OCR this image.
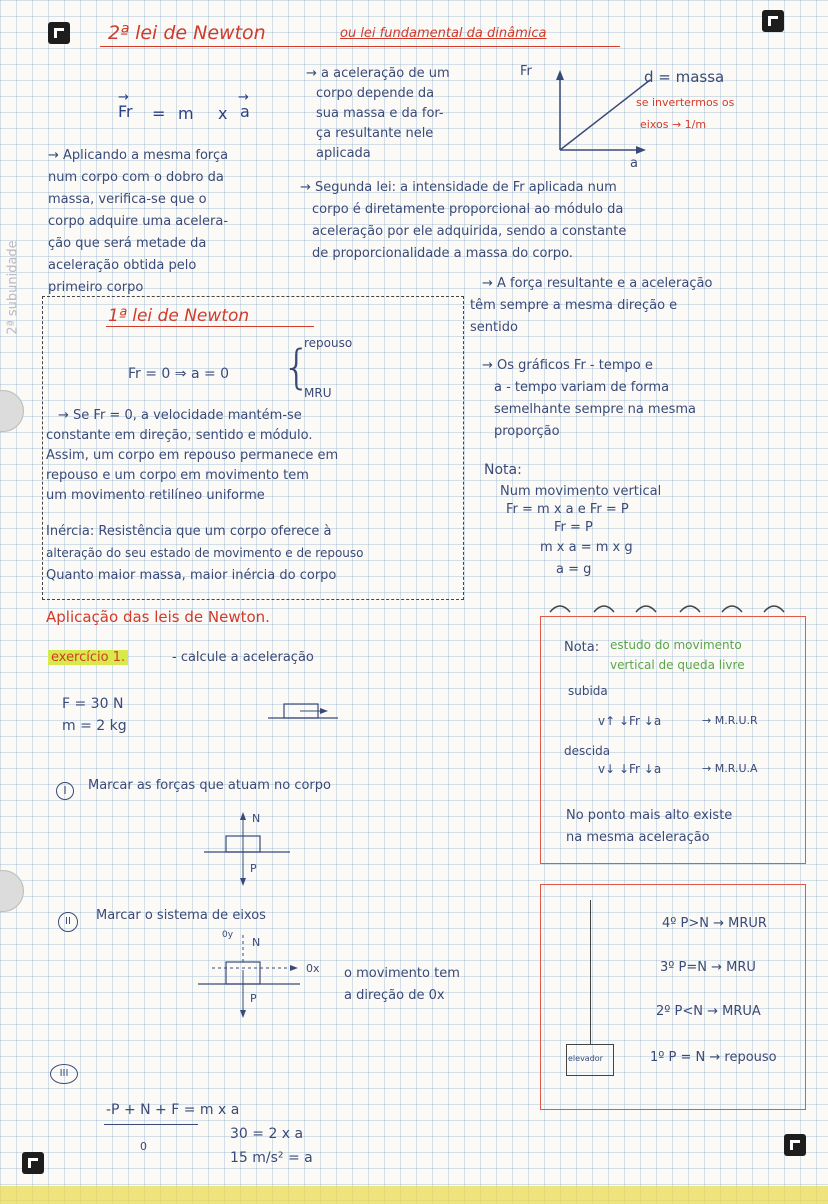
2ª subunidade
2ª lei de Newton	ou lei fundamental da dinâmica
Fr = m x a
→	→
→ Aplicando a mesma força
num corpo com o dobro da
massa, verifica-se que o
corpo adquire uma acelera-
ção que será metade da
aceleração obtida pelo
primeiro corpo
→ a aceleração de um
corpo depende da
sua massa e da for-
ça resultante nele
aplicada
Fr
a
d = massa
se invertermos os
eixos → 1/m
→ Segunda lei: a intensidade de Fr aplicada num
corpo é diretamente proporcional ao módulo da
aceleração por ele adquirida, sendo a constante
de proporcionalidade a massa do corpo.
1ª lei de Newton
Fr = 0 ⇒ a = 0 {
repouso
MRU
→ Se Fr = 0, a velocidade mantém-se
constante em direção, sentido e módulo.
Assim, um corpo em repouso permanece em
repouso e um corpo em movimento tem
um movimento retilíneo uniforme
Inércia: Resistência que um corpo oferece à
alteração do seu estado de movimento e de repouso
Quanto maior massa, maior inércia do corpo
→ A força resultante e a aceleração
têm sempre a mesma direção e
sentido
→ Os gráficos Fr - tempo e
a - tempo variam de forma
semelhante sempre na mesma
proporção
Nota:
Num movimento vertical
Fr = m x a e Fr = P
Fr = P
m x a = m x g
a = g
Nota: estudo do movimento
vertical de queda livre
subida
v↑ ↓Fr ↓a	→ M.R.U.R
descida
v↓ ↓Fr ↓a	→ M.R.U.A
No ponto mais alto existe
na mesma aceleração
elevador
4º P>N → MRUR
3º P=N → MRU
2º P<N → MRUA
1º P = N → repouso
Aplicação das leis de Newton.
exercício 1.	- calcule a aceleração
F = 30 N
m = 2 kg
I	Marcar as forças que atuam no corpo
N
P
II	Marcar o sistema de eixos
0x
0y
N
P
o movimento tem
a direção de 0x
III
-P + N + F = m x a
0
30 = 2 x a
15 m/s² = a
